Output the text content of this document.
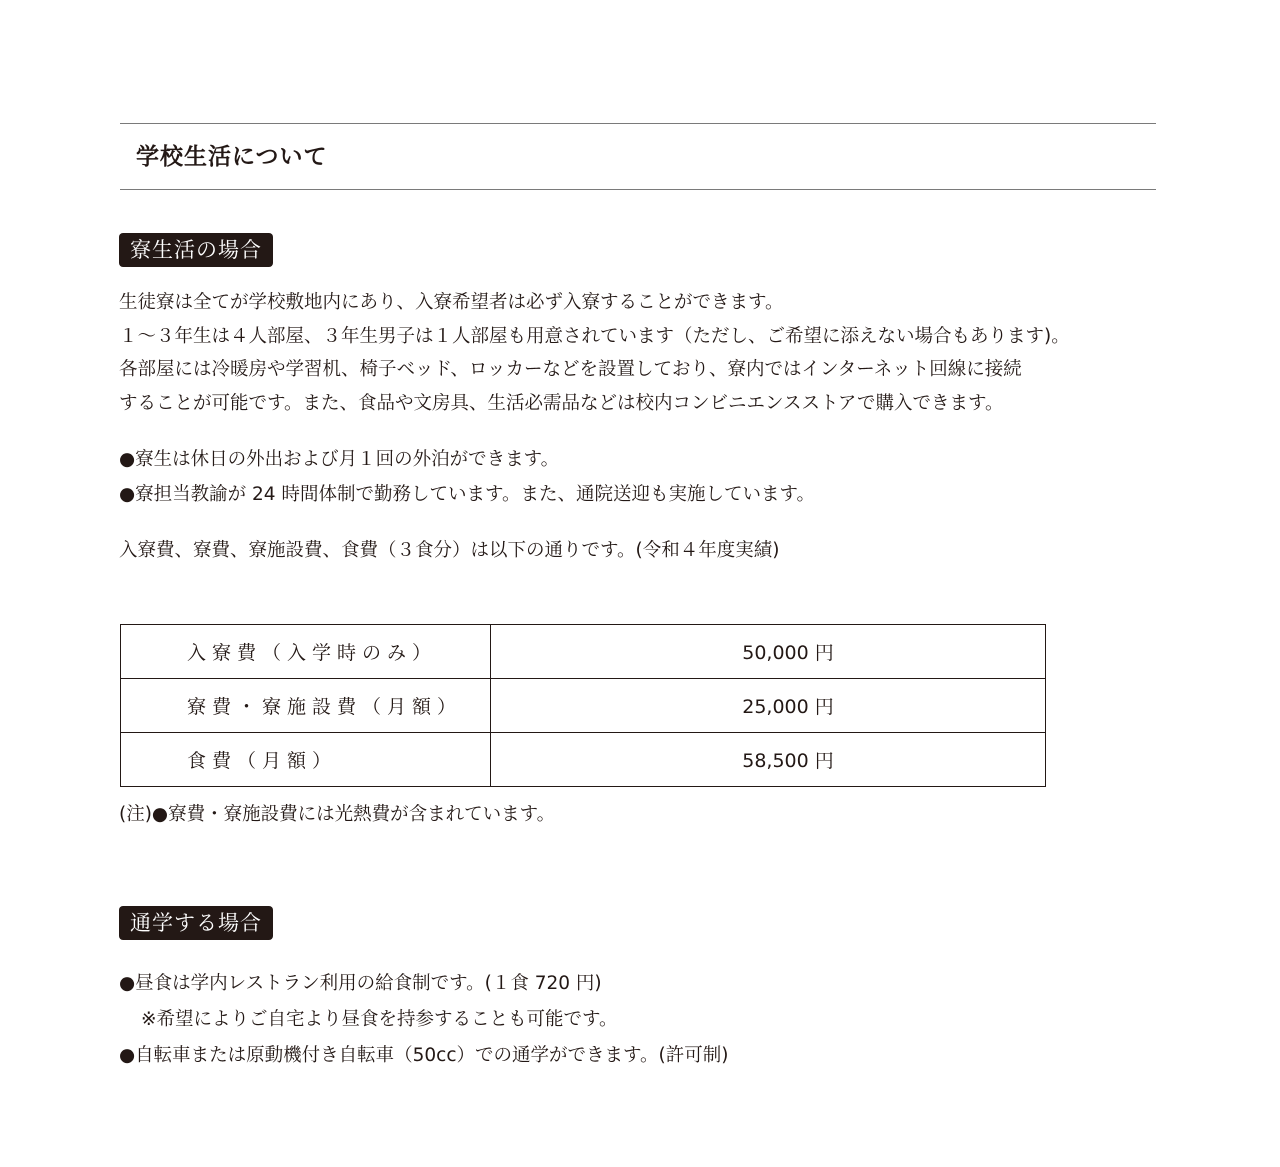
学校生活について
寮生活の場合
生徒寮は全てが学校敷地内にあり、入寮希望者は必ず入寮することができます。
１～３年生は４人部屋、３年生男子は１人部屋も用意されています（ただし、ご希望に添えない場合もあります)。
各部屋には冷暖房や学習机、椅子ベッド、ロッカーなどを設置しており、寮内ではインターネット回線に接続
することが可能です。また、食品や文房具、生活必需品などは校内コンビニエンスストアで購入できます。
●寮生は休日の外出および月１回の外泊ができます。
●寮担当教諭が 24 時間体制で勤務しています。また、通院送迎も実施しています。
入寮費、寮費、寮施設費、食費（３食分）は以下の通りです。(令和４年度実績)
入寮費（入学時のみ）	50,000 円
寮費・寮施設費（月額）	25,000 円
食費（月額）	58,500 円
(注)●寮費・寮施設費には光熱費が含まれています。
通学する場合
●昼食は学内レストラン利用の給食制です。(１食 720 円)
※希望によりご自宅より昼食を持参することも可能です。
●自転車または原動機付き自転車（50cc）での通学ができます。(許可制)
